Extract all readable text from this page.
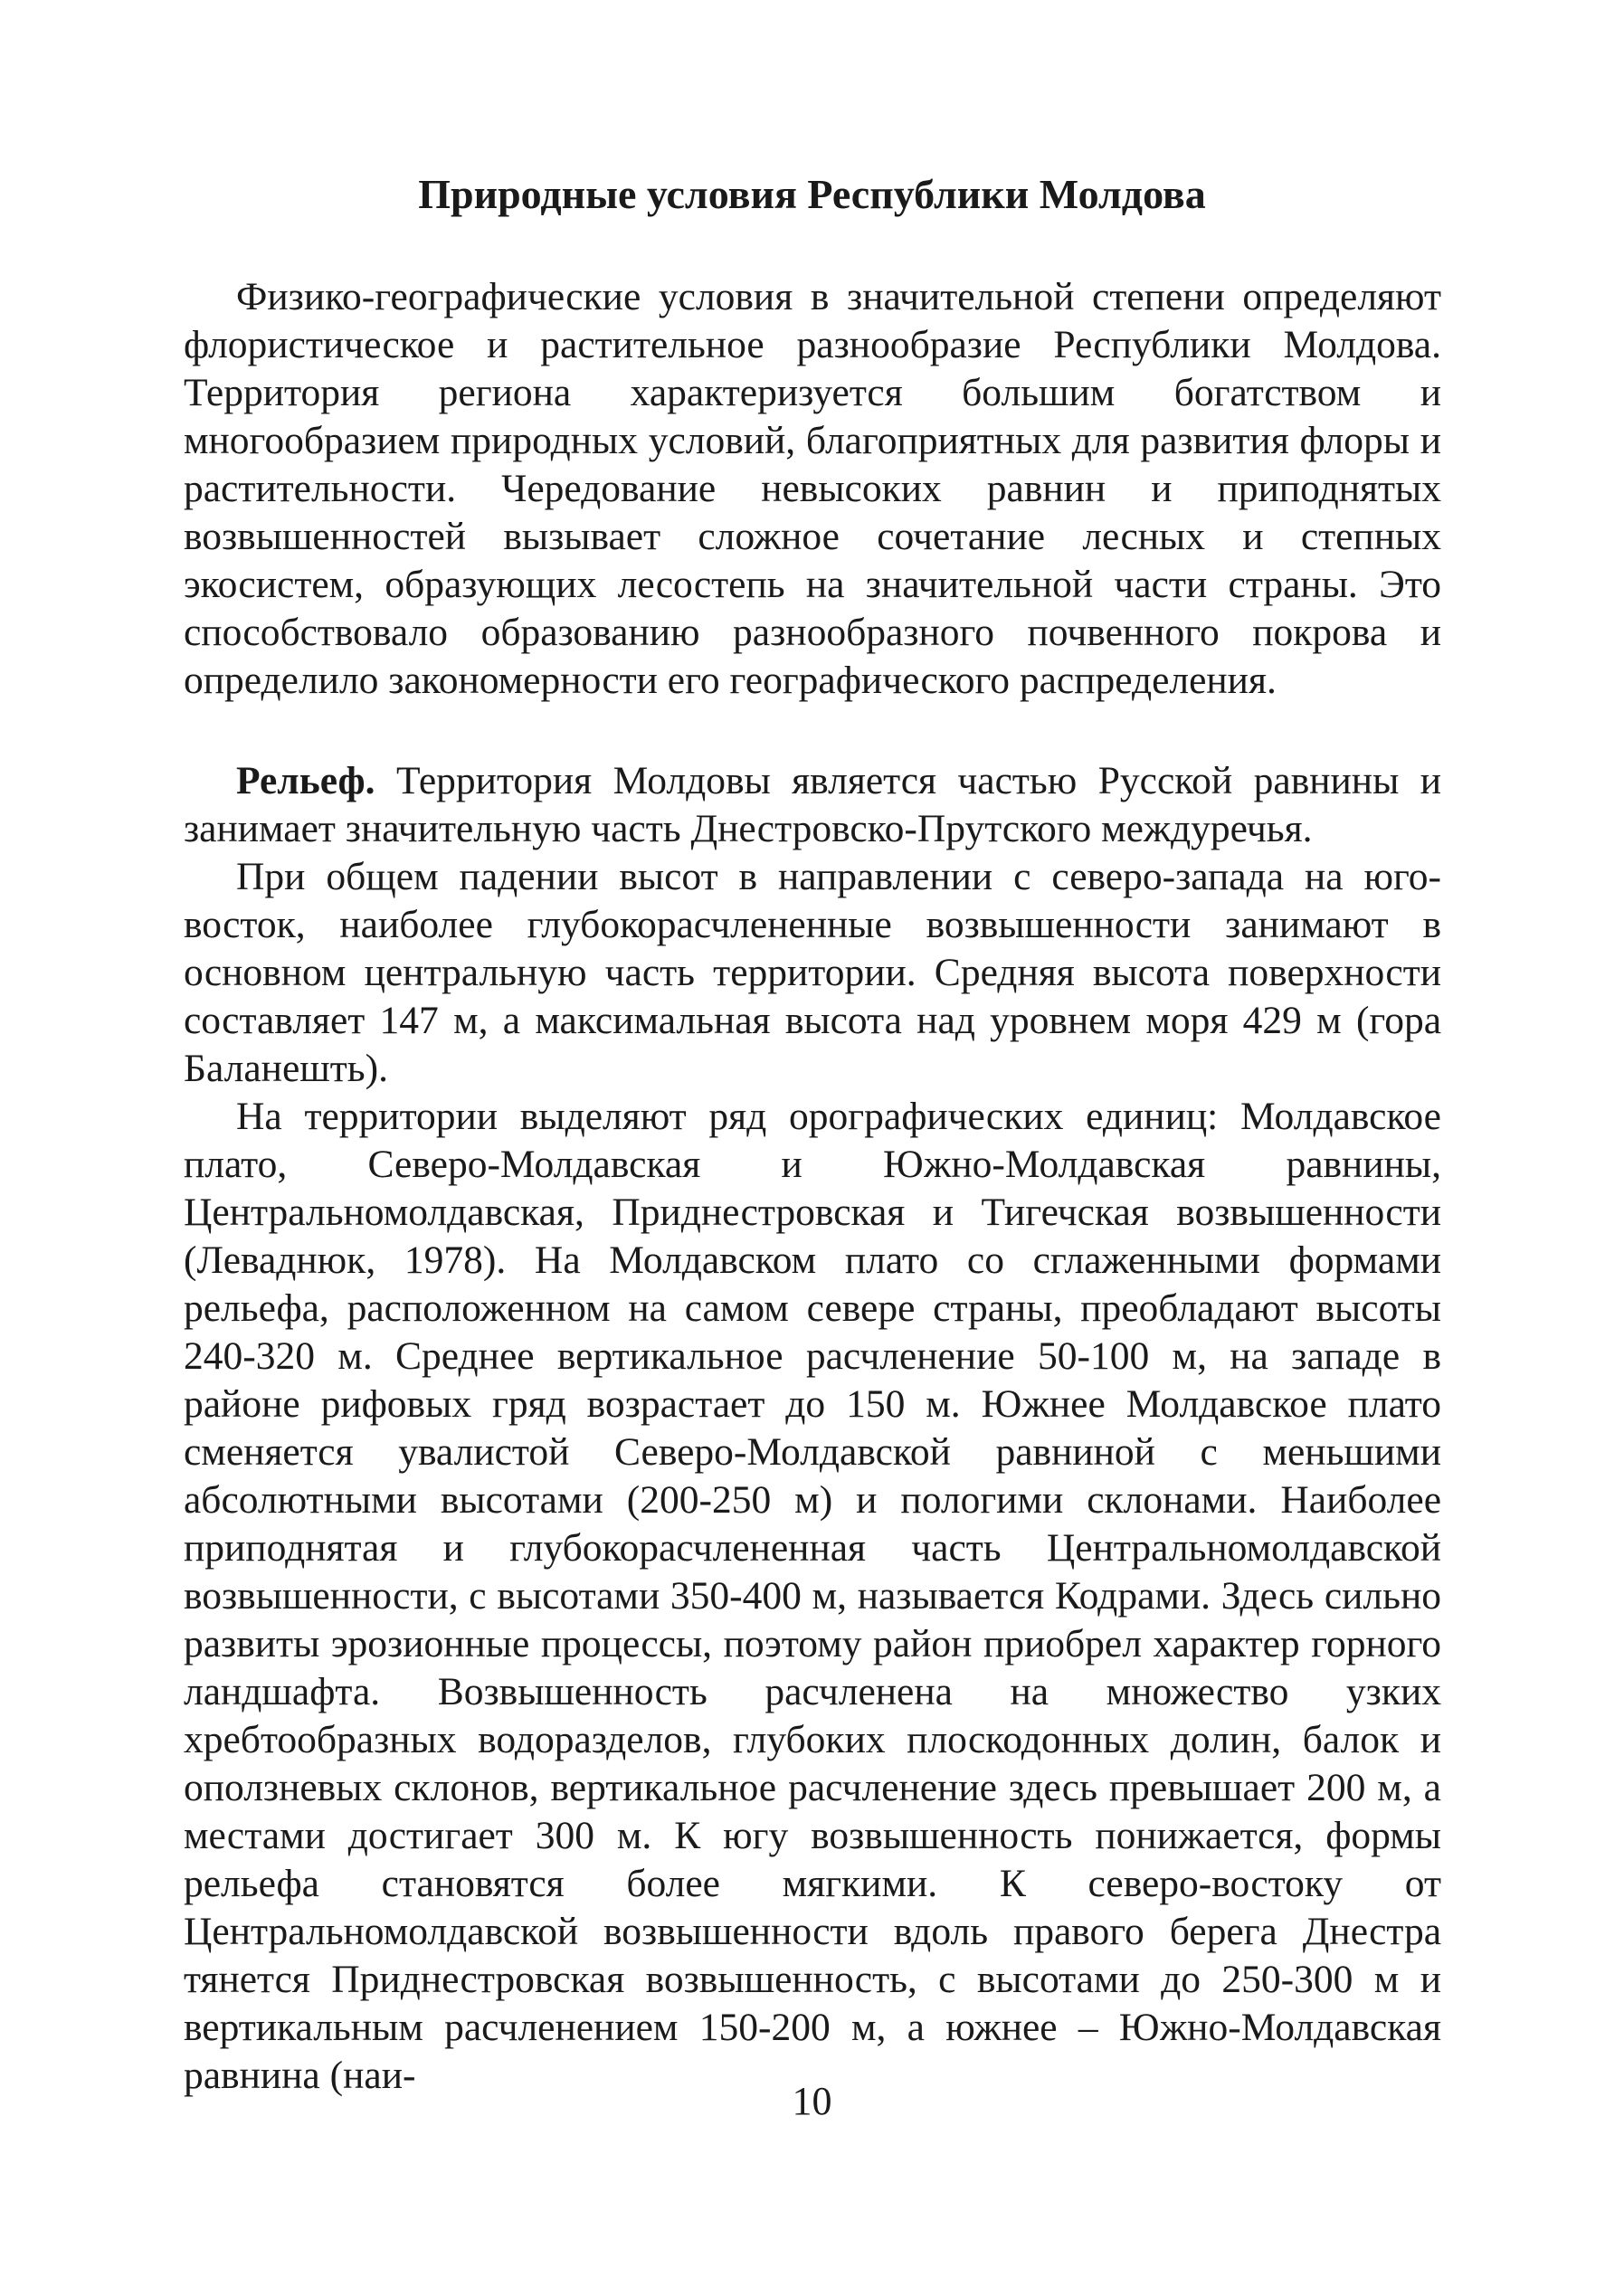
Природные условия Республики Молдова

Физико-географические условия в значительной степени определяют флористическое и растительное разнообразие Республики Молдова. Территория региона характеризуется большим богатством и многообразием природных условий, благоприятных для развития флоры и растительности. Чередование невысоких равнин и приподнятых возвышенностей вызывает сложное сочетание лесных и степных экосистем, образующих лесостепь на значительной части страны. Это способствовало образованию разнообразного почвенного покрова и определило закономерности его географического распределения.

Рельеф. Территория Молдовы является частью Русской равнины и занимает значительную часть Днестровско-Прутского междуречья.

При общем падении высот в направлении с северо-запада на юго-восток, наиболее глубокорасчлененные возвышенности занимают в основном центральную часть территории. Средняя высота поверхности составляет 147 м, а максимальная высота над уровнем моря 429 м (гора Баланешть).

На территории выделяют ряд орографических единиц: Молдавское плато, Северо-Молдавская и Южно-Молдавская равнины, Центральномолдавская, Приднестровская и Тигечская возвышенности (Леваднюк, 1978). На Молдавском плато со сглаженными формами рельефа, расположенном на самом севере страны, преобладают высоты 240-320 м. Среднее вертикальное расчленение 50-100 м, на западе в районе рифовых гряд возрастает до 150 м. Южнее Молдавское плато сменяется увалистой Северо-Молдавской равниной с меньшими абсолютными высотами (200-250 м) и пологими склонами. Наиболее приподнятая и глубокорасчлененная часть Центральномолдавской возвышенности, с высотами 350-400 м, называется Кодрами. Здесь сильно развиты эрозионные процессы, поэтому район приобрел характер горного ландшафта. Возвышенность расчленена на множество узких хребтообразных водоразделов, глубоких плоскодонных долин, балок и оползневых склонов, вертикальное расчленение здесь превышает 200 м, а местами достигает 300 м. К югу возвышенность понижается, формы рельефа становятся более мягкими. К северо-востоку от Центральномолдавской возвышенности вдоль правого берега Днестра тянется Приднестровская возвышенность, с высотами до 250-300 м и вертикальным расчленением 150-200 м, а южнее – Южно-Молдавская равнина (наи-

10
